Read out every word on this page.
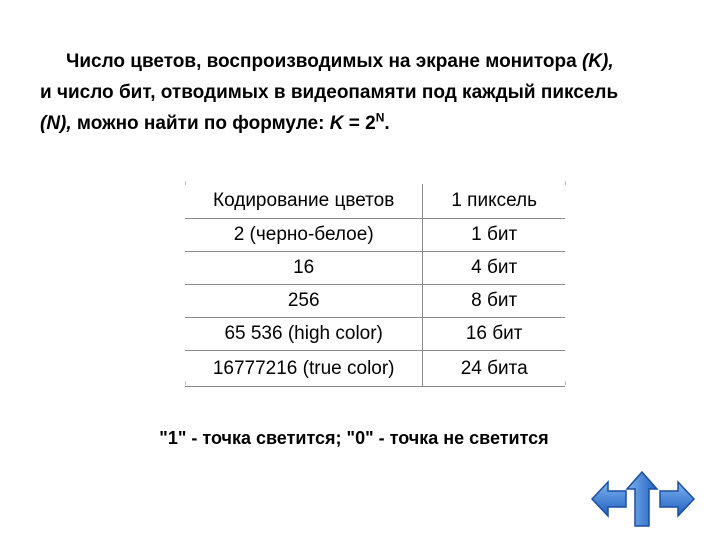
Число цветов, воспроизводимых на экране монитора (K),
и число бит, отводимых в видеопамяти под каждый пиксель
(N), можно найти по формуле: $K = 2^N$.
Кодирование цветов	1 пиксель
2 (черно-белое)	1 бит
16	4 бит
256	8 бит
65 536 (high color)	16 бит
16777216 (true color)	24 бита
"1" - точка светится; "0" - точка не светится
